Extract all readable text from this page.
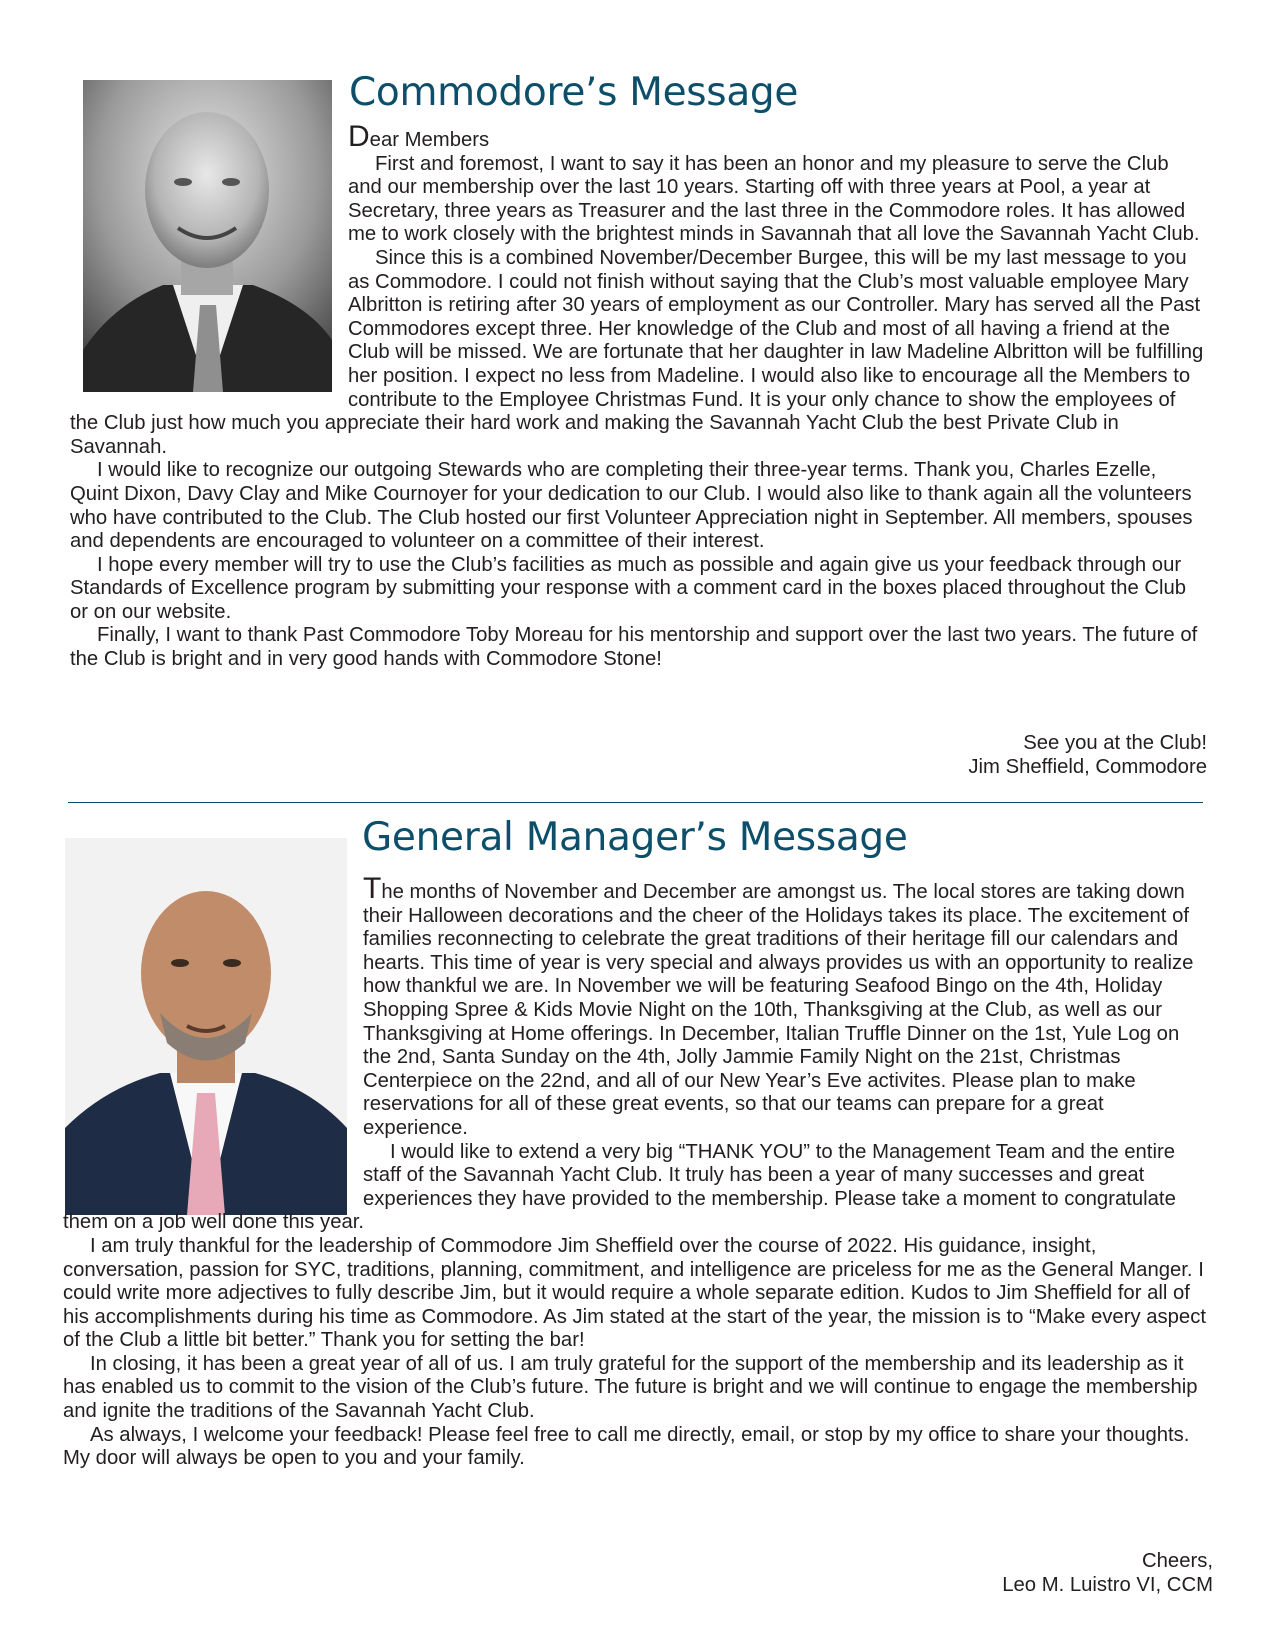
Commodore’s Message
Dear Members

First and foremost, I want to say it has been an honor and my pleasure to serve the Club and our membership over the last 10 years. Starting off with three years at Pool, a year at Secretary, three years as Treasurer and the last three in the Commodore roles. It has allowed me to work closely with the brightest minds in Savannah that all love the Savannah Yacht Club.

Since this is a combined November/December Burgee, this will be my last message to you as Commodore. I could not finish without saying that the Club’s most valuable employee Mary Albritton is retiring after 30 years of employment as our Controller. Mary has served all the Past Commodores except three. Her knowledge of the Club and most of all having a friend at the Club will be missed. We are fortunate that her daughter in law Madeline Albritton will be fulfilling her position. I expect no less from Madeline. I would also like to encourage all the Members to contribute to the Employee Christmas Fund. It is your only chance to show the employees of the Club just how much you appreciate their hard work and making the Savannah Yacht Club the best Private Club in Savannah.

I would like to recognize our outgoing Stewards who are completing their three-year terms. Thank you, Charles Ezelle, Quint Dixon, Davy Clay and Mike Cournoyer for your dedication to our Club. I would also like to thank again all the volunteers who have contributed to the Club. The Club hosted our first Volunteer Appreciation night in September. All members, spouses and dependents are encouraged to volunteer on a committee of their interest.

I hope every member will try to use the Club’s facilities as much as possible and again give us your feedback through our Standards of Excellence program by submitting your response with a comment card in the boxes placed throughout the Club or on our website.

Finally, I want to thank Past Commodore Toby Moreau for his mentorship and support over the last two years. The future of the Club is bright and in very good hands with Commodore Stone!

See you at the Club!
Jim Sheffield, Commodore
General Manager’s Message

The months of November and December are amongst us. The local stores are taking down their Halloween decorations and the cheer of the Holidays takes its place. The excitement of families reconnecting to celebrate the great traditions of their heritage fill our calendars and hearts. This time of year is very special and always provides us with an opportunity to realize how thankful we are. In November we will be featuring Seafood Bingo on the 4th, Holiday Shopping Spree & Kids Movie Night on the 10th, Thanksgiving at the Club, as well as our Thanksgiving at Home offerings. In December, Italian Truffle Dinner on the 1st, Yule Log on the 2nd, Santa Sunday on the 4th, Jolly Jammie Family Night on the 21st, Christmas Centerpiece on the 22nd, and all of our New Year’s Eve activites. Please plan to make reservations for all of these great events, so that our teams can prepare for a great experience.

I would like to extend a very big “THANK YOU” to the Management Team and the entire staff of the Savannah Yacht Club. It truly has been a year of many successes and great experiences they have provided to the membership. Please take a moment to congratulate them on a job well done this year.

I am truly thankful for the leadership of Commodore Jim Sheffield over the course of 2022. His guidance, insight, conversation, passion for SYC, traditions, planning, commitment, and intelligence are priceless for me as the General Manger. I could write more adjectives to fully describe Jim, but it would require a whole separate edition. Kudos to Jim Sheffield for all of his accomplishments during his time as Commodore. As Jim stated at the start of the year, the mission is to “Make every aspect of the Club a little bit better.” Thank you for setting the bar!

In closing, it has been a great year of all of us. I am truly grateful for the support of the membership and its leadership as it has enabled us to commit to the vision of the Club’s future. The future is bright and we will continue to engage the membership and ignite the traditions of the Savannah Yacht Club.

As always, I welcome your feedback! Please feel free to call me directly, email, or stop by my office to share your thoughts. My door will always be open to you and your family.

Cheers,
Leo M. Luistro VI, CCM
